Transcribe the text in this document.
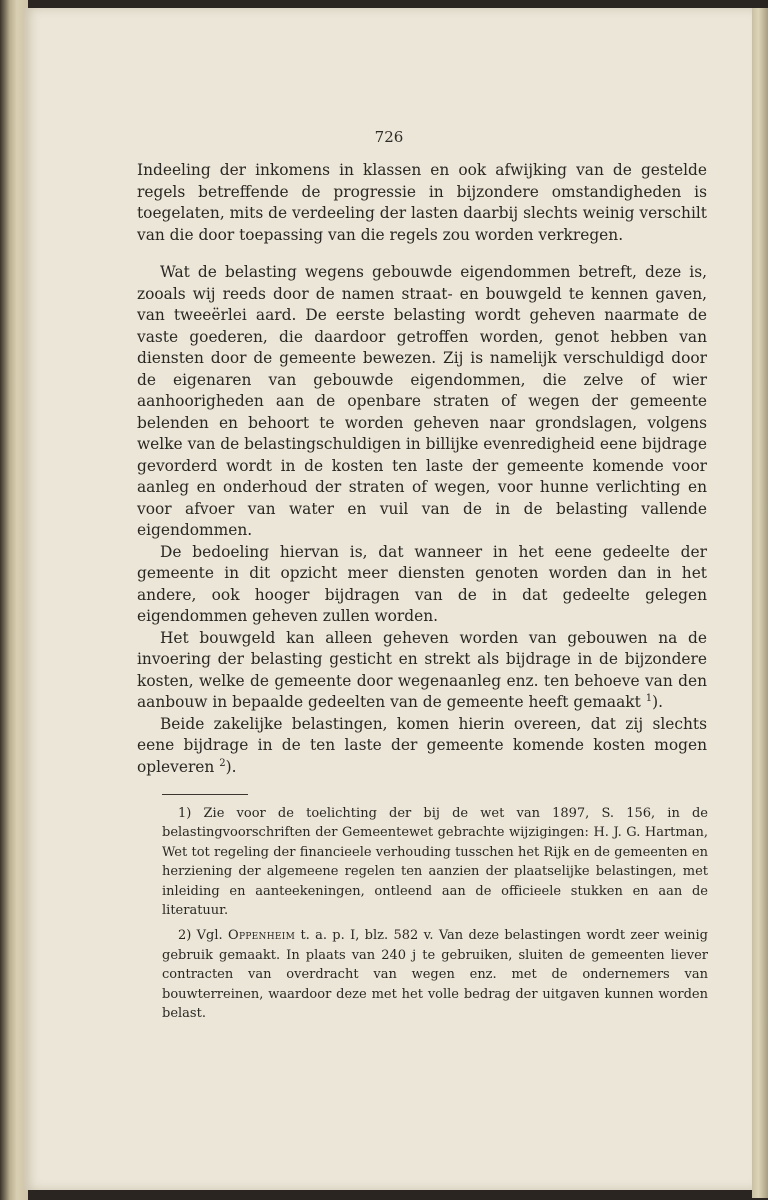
726

Indeeling der inkomens in klassen en ook afwijking van de gestelde regels betreffende de progressie in bijzondere omstandigheden is toegelaten, mits de verdeeling der lasten daarbij slechts weinig verschilt van die door toepassing van die regels zou worden verkregen.

Wat de belasting wegens gebouwde eigendommen betreft, deze is, zooals wij reeds door de namen straat- en bouwgeld te kennen gaven, van tweeërlei aard. De eerste belasting wordt geheven naarmate de vaste goederen, die daardoor getroffen worden, genot hebben van diensten door de gemeente bewezen. Zij is namelijk verschuldigd door de eigenaren van gebouwde eigendommen, die zelve of wier aanhoorigheden aan de openbare straten of wegen der gemeente belenden en behoort te worden geheven naar grondslagen, volgens welke van de belastingschuldigen in billijke evenredigheid eene bijdrage gevorderd wordt in de kosten ten laste der gemeente komende voor aanleg en onderhoud der straten of wegen, voor hunne verlichting en voor afvoer van water en vuil van de in de belasting vallende eigendommen.

De bedoeling hiervan is, dat wanneer in het eene gedeelte der gemeente in dit opzicht meer diensten genoten worden dan in het andere, ook hooger bijdragen van de in dat gedeelte gelegen eigendommen geheven zullen worden.

Het bouwgeld kan alleen geheven worden van gebouwen na de invoering der belasting gesticht en strekt als bijdrage in de bijzondere kosten, welke de gemeente door wegenaanleg enz. ten behoeve van den aanbouw in bepaalde gedeelten van de gemeente heeft gemaakt $^1$).

Beide zakelijke belastingen, komen hierin overeen, dat zij slechts eene bijdrage in de ten laste der gemeente komende kosten mogen opleveren $^2$).

1) Zie voor de toelichting der bij de wet van 1897, S. 156, in de belastingvoorschriften der Gemeentewet gebrachte wijzigingen: H. J. G. Hartman, Wet tot regeling der financieele verhouding tusschen het Rijk en de gemeenten en herziening der algemeene regelen ten aanzien der plaatselijke belastingen, met inleiding en aanteekeningen, ontleend aan de officieele stukken en aan de literatuur.

2) Vgl. Oppenheim t. a. p. I, blz. 582 v. Van deze belastingen wordt zeer weinig gebruik gemaakt. In plaats van 240 j te gebruiken, sluiten de gemeenten liever contracten van overdracht van wegen enz. met de ondernemers van bouwterreinen, waardoor deze met het volle bedrag der uitgaven kunnen worden belast.
